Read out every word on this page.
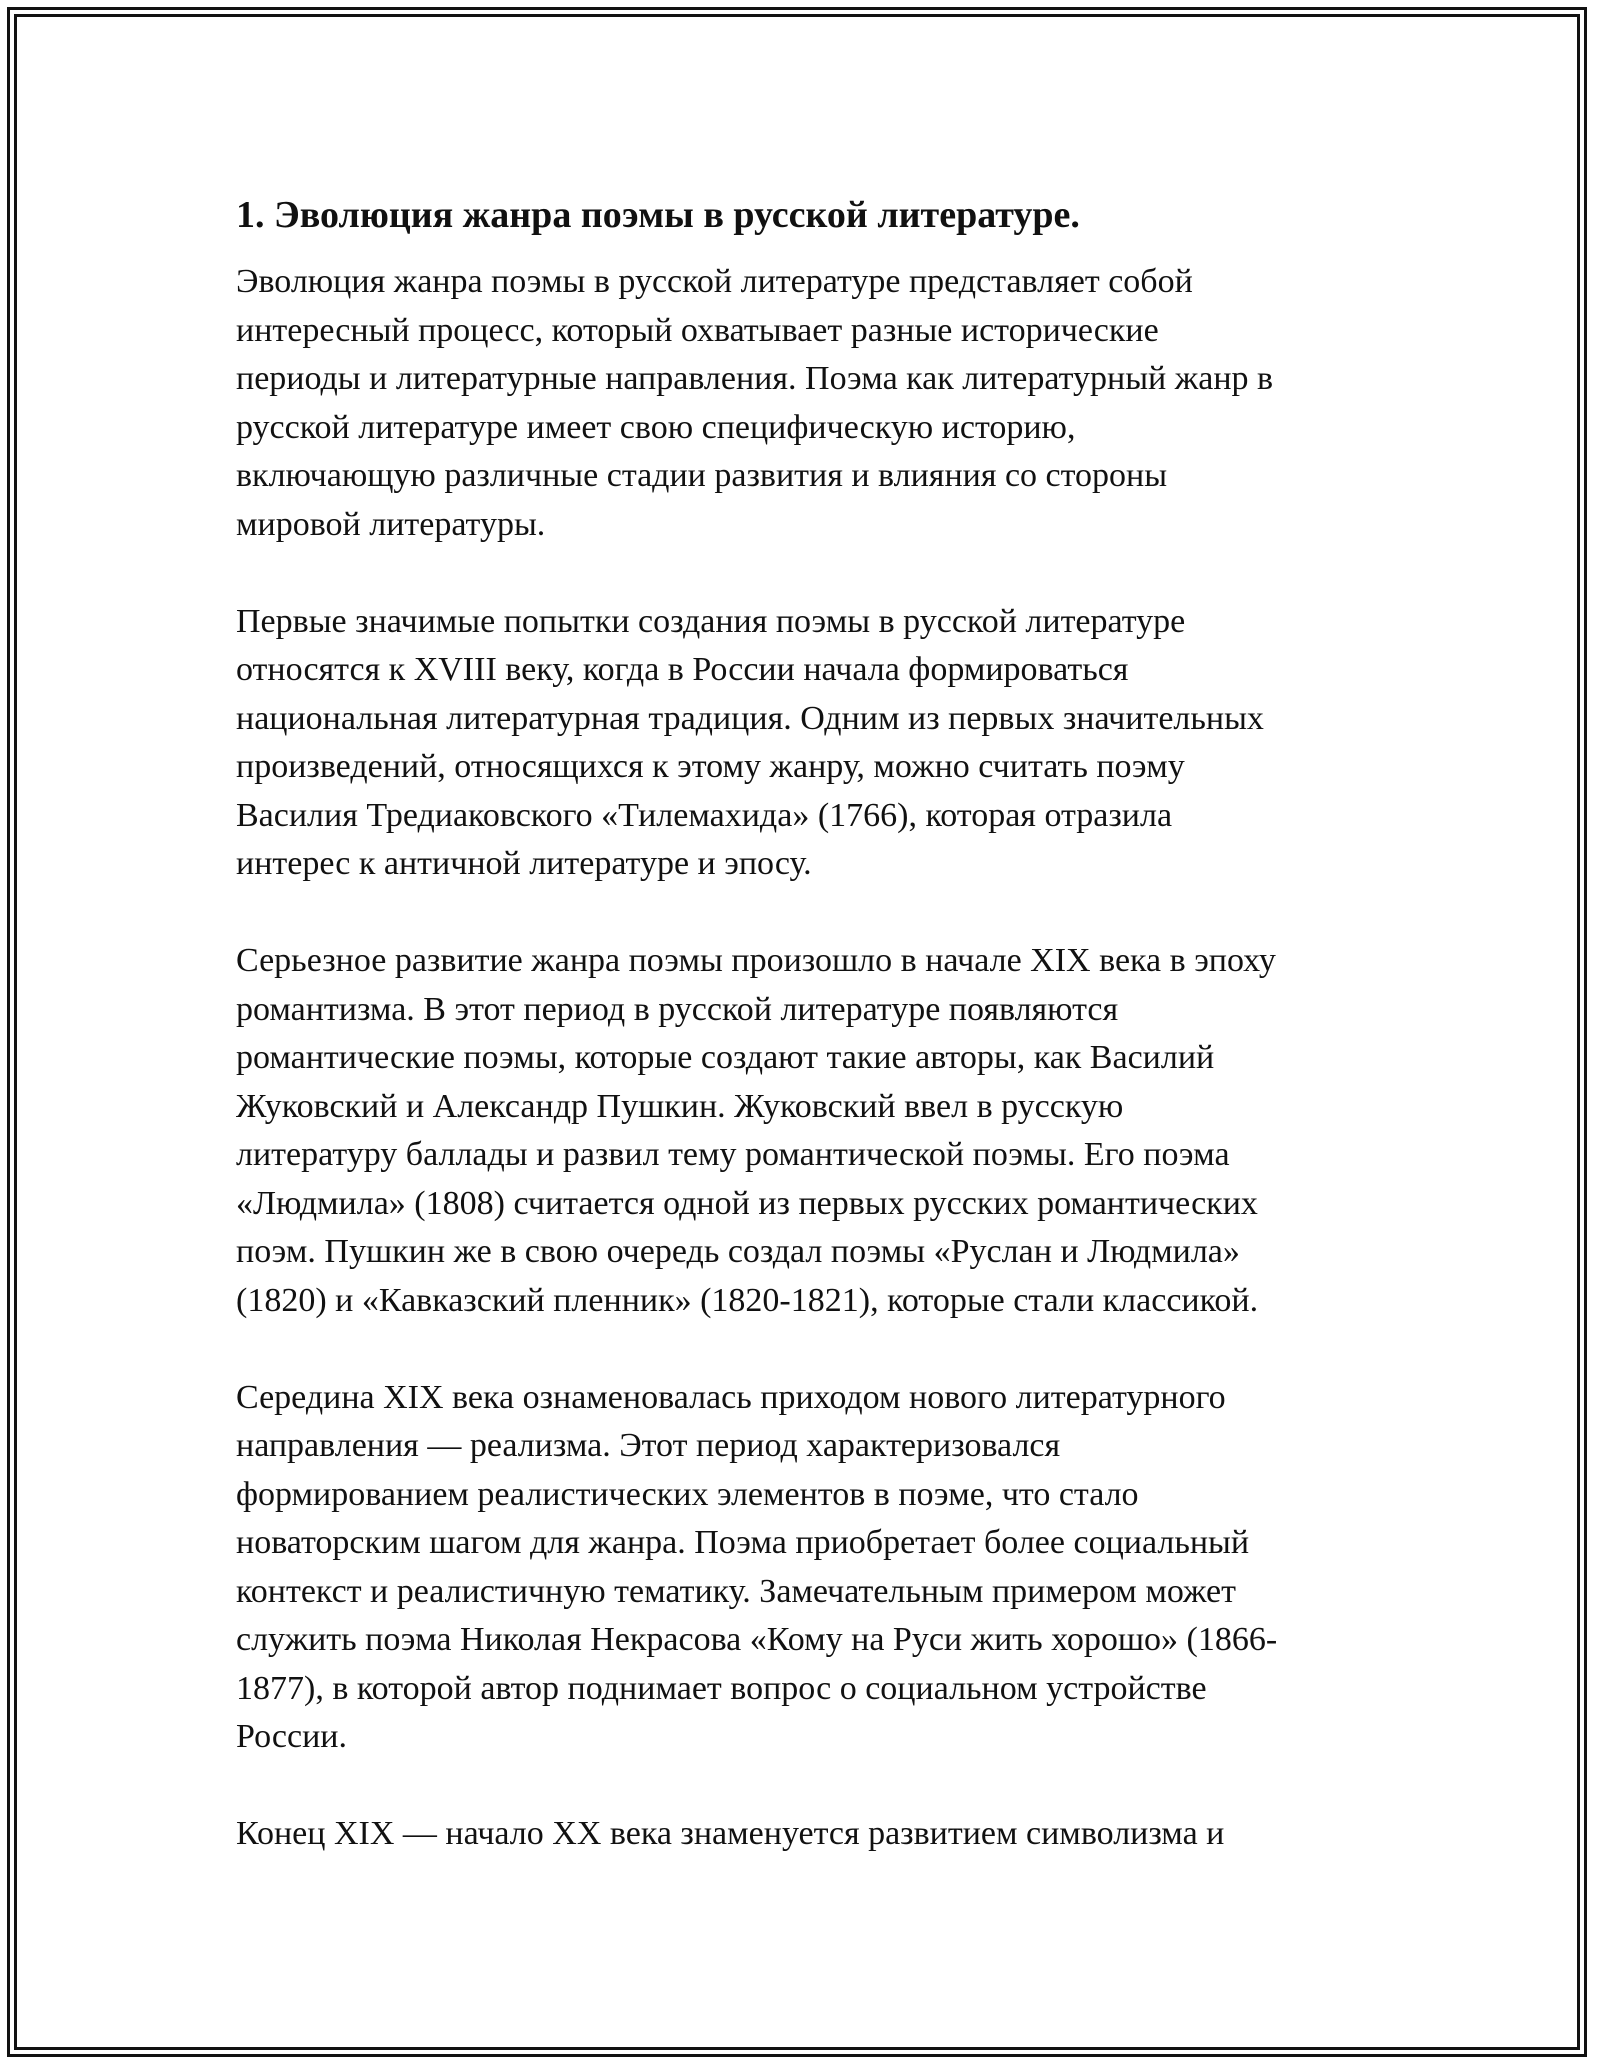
1. Эволюция жанра поэмы в русской литературе.
Эволюция жанра поэмы в русской литературе представляет собой
интересный процесс, который охватывает разные исторические
периоды и литературные направления. Поэма как литературный жанр в
русской литературе имеет свою специфическую историю,
включающую различные стадии развития и влияния со стороны
мировой литературы.
Первые значимые попытки создания поэмы в русской литературе
относятся к XVIII веку, когда в России начала формироваться
национальная литературная традиция. Одним из первых значительных
произведений, относящихся к этому жанру, можно считать поэму
Василия Тредиаковского «Тилемахида» (1766), которая отразила
интерес к античной литературе и эпосу.
Серьезное развитие жанра поэмы произошло в начале XIX века в эпоху
романтизма. В этот период в русской литературе появляются
романтические поэмы, которые создают такие авторы, как Василий
Жуковский и Александр Пушкин. Жуковский ввел в русскую
литературу баллады и развил тему романтической поэмы. Его поэма
«Людмила» (1808) считается одной из первых русских романтических
поэм. Пушкин же в свою очередь создал поэмы «Руслан и Людмила»
(1820) и «Кавказский пленник» (1820-1821), которые стали классикой.
Середина XIX века ознаменовалась приходом нового литературного
направления — реализма. Этот период характеризовался
формированием реалистических элементов в поэме, что стало
новаторским шагом для жанра. Поэма приобретает более социальный
контекст и реалистичную тематику. Замечательным примером может
служить поэма Николая Некрасова «Кому на Руси жить хорошо» (1866-
1877), в которой автор поднимает вопрос о социальном устройстве
России.
Конец XIX — начало XX века знаменуется развитием символизма и
